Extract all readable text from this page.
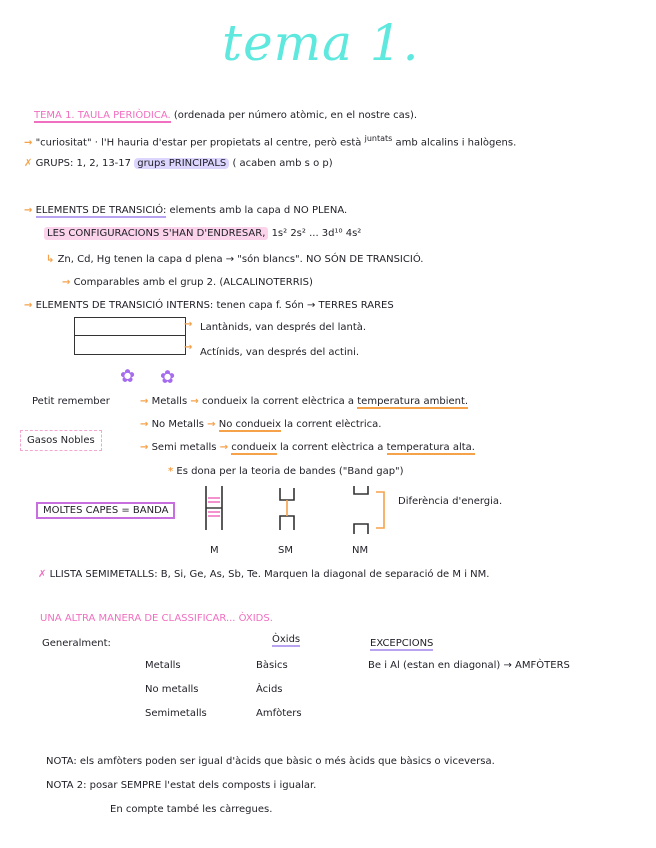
tema 1.
TEMA 1. TAULA PERIÒDICA. (ordenada per número atòmic, en el nostre cas).
→ "curiositat" · l'H hauria d'estar per propietats al centre, però està $^{juntats}$ amb alcalins i halògens.
✗ GRUPS: 1, 2, 13-17 grups PRINCIPALS ( acaben amb s o p)
→ ELEMENTS DE TRANSICIÓ: elements amb la capa d NO PLENA.
LES CONFIGURACIONS S'HAN D'ENDRESAR, 1s² 2s² ... 3d¹⁰ 4s²
↳ Zn, Cd, Hg tenen la capa d plena → "són blancs". NO SÓN DE TRANSICIÓ.
→ Comparables amb el grup 2. (ALCALINOTERRIS)
→ ELEMENTS DE TRANSICIÓ INTERNS: tenen capa f. Són → TERRES RARES
→
→
Lantànids, van després del lantà.
Actínids, van després del actini.
✿ ✿
Petit remember	→ Metalls → condueix la corrent elèctrica a temperatura ambient.
→ No Metalls → No condueix la corrent elèctrica.
Gasos Nobles
→ Semi metalls → condueix la corrent elèctrica a temperatura alta.
* Es dona per la teoria de bandes ("Band gap")
MOLTES CAPES = BANDA
Diferència d'energia.
M	SM	NM
✗ LLISTA SEMIMETALLS: B, Si, Ge, As, Sb, Te. Marquen la diagonal de separació de M i NM.
UNA ALTRA MANERA DE CLASSIFICAR... ÒXIDS.
Generalment:	Òxids	EXCEPCIONS
Metalls	Bàsics
No metalls	Àcids
Semimetalls	Amfòters
Be i Al (estan en diagonal) → AMFÒTERS
NOTA: els amfòters poden ser igual d'àcids que bàsic o més àcids que bàsics o viceversa.
NOTA 2: posar SEMPRE l'estat dels composts i igualar.
En compte també les càrregues.
